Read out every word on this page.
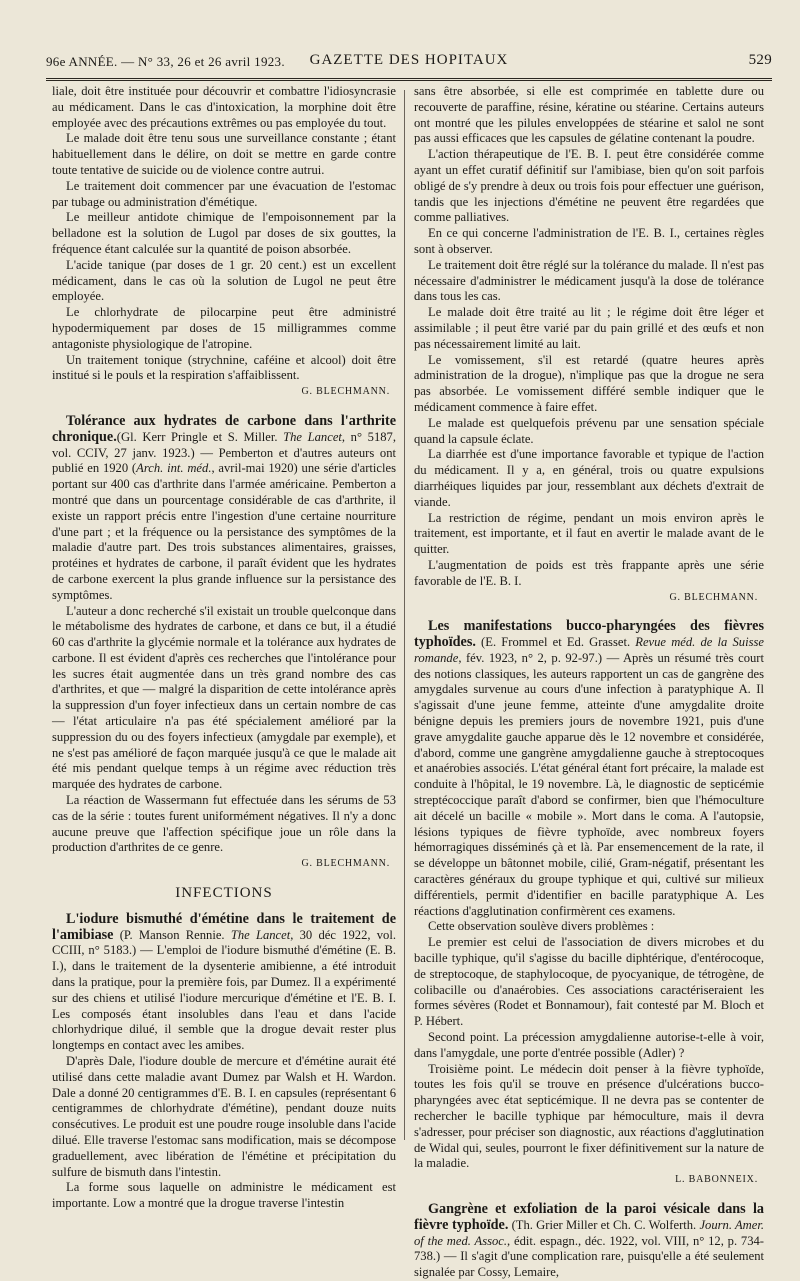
96e ANNÉE. — N° 33, 26 et 26 avril 1923.	GAZETTE DES HOPITAUX	529

liale, doit être instituée pour découvrir et combattre l'idiosyncrasie au médicament. Dans le cas d'intoxication, la morphine doit être employée avec des précautions extrêmes ou pas employée du tout.

Le malade doit être tenu sous une surveillance constante ; étant habituellement dans le délire, on doit se mettre en garde contre toute tentative de suicide ou de violence contre autrui.

Le traitement doit commencer par une évacuation de l'estomac par tubage ou administration d'émétique.

Le meilleur antidote chimique de l'empoisonnement par la belladone est la solution de Lugol par doses de six gouttes, la fréquence étant calculée sur la quantité de poison absorbée.

L'acide tanique (par doses de 1 gr. 20 cent.) est un excellent médicament, dans le cas où la solution de Lugol ne peut être employée.

Le chlorhydrate de pilocarpine peut être administré hypodermiquement par doses de 15 milligrammes comme antagoniste physiologique de l'atropine.

Un traitement tonique (strychnine, caféine et alcool) doit être institué si le pouls et la respiration s'affaiblissent.

G. BLECHMANN.

Tolérance aux hydrates de carbone dans l'arthrite chronique.(Gl. Kerr Pringle et S. Miller. The Lancet, n° 5187, vol. CCIV, 27 janv. 1923.) — Pemberton et d'autres auteurs ont publié en 1920 (Arch. int. méd., avril-mai 1920) une série d'articles portant sur 400 cas d'arthrite dans l'armée américaine. Pemberton a montré que dans un pourcentage considérable de cas d'arthrite, il existe un rapport précis entre l'ingestion d'une certaine nourriture d'une part ; et la fréquence ou la persistance des symptômes de la maladie d'autre part. Des trois substances alimentaires, graisses, protéines et hydrates de carbone, il paraît évident que les hydrates de carbone exercent la plus grande influence sur la persistance des symptômes.

L'auteur a donc recherché s'il existait un trouble quelconque dans le métabolisme des hydrates de carbone, et dans ce but, il a étudié 60 cas d'arthrite la glycémie normale et la tolérance aux hydrates de carbone. Il est évident d'après ces recherches que l'intolérance pour les sucres était augmentée dans un très grand nombre des cas d'arthrites, et que — malgré la disparition de cette intolérance après la suppression d'un foyer infectieux dans un certain nombre de cas — l'état articulaire n'a pas été spécialement amélioré par la suppression du ou des foyers infectieux (amygdale par exemple), et ne s'est pas amélioré de façon marquée jusqu'à ce que le malade ait été mis pendant quelque temps à un régime avec réduction très marquée des hydrates de carbone.

La réaction de Wassermann fut effectuée dans les sérums de 53 cas de la série : toutes furent uniformément négatives. Il n'y a donc aucune preuve que l'affection spécifique joue un rôle dans la production d'arthrites de ce genre.

G. BLECHMANN.
INFECTIONS

L'iodure bismuthé d'émétine dans le traitement de l'amibiase (P. Manson Rennie. The Lancet, 30 déc 1922, vol. CCIII, n° 5183.) — L'emploi de l'iodure bismuthé d'émétine (E. B. I.), dans le traitement de la dysenterie amibienne, a été introduit dans la pratique, pour la première fois, par Dumez. Il a expérimenté sur des chiens et utilisé l'iodure mercurique d'émétine et l'E. B. I. Les composés étant insolubles dans l'eau et dans l'acide chlorhydrique dilué, il semble que la drogue devait rester plus longtemps en contact avec les amibes.

D'après Dale, l'iodure double de mercure et d'émétine aurait été utilisé dans cette maladie avant Dumez par Walsh et H. Wardon. Dale a donné 20 centigrammes d'E. B. I. en capsules (représentant 6 centigrammes de chlorhydrate d'émétine), pendant douze nuits consécutives. Le produit est une poudre rouge insoluble dans l'acide dilué. Elle traverse l'estomac sans modification, mais se décompose graduellement, avec libération de l'émétine et précipitation du sulfure de bismuth dans l'intestin.

La forme sous laquelle on administre le médicament est importante. Low a montré que la drogue traverse l'intestin

sans être absorbée, si elle est comprimée en tablette dure ou recouverte de paraffine, résine, kératine ou stéarine. Certains auteurs ont montré que les pilules enveloppées de stéarine et salol ne sont pas aussi efficaces que les capsules de gélatine contenant la poudre.

L'action thérapeutique de l'E. B. I. peut être considérée comme ayant un effet curatif définitif sur l'amibiase, bien qu'on soit parfois obligé de s'y prendre à deux ou trois fois pour effectuer une guérison, tandis que les injections d'émétine ne peuvent être regardées que comme palliatives.

En ce qui concerne l'administration de l'E. B. I., certaines règles sont à observer.

Le traitement doit être réglé sur la tolérance du malade. Il n'est pas nécessaire d'administrer le médicament jusqu'à la dose de tolérance dans tous les cas.

Le malade doit être traité au lit ; le régime doit être léger et assimilable ; il peut être varié par du pain grillé et des œufs et non pas nécessairement limité au lait.

Le vomissement, s'il est retardé (quatre heures après administration de la drogue), n'implique pas que la drogue ne sera pas absorbée. Le vomissement différé semble indiquer que le médicament commence à faire effet.

Le malade est quelquefois prévenu par une sensation spéciale quand la capsule éclate.

La diarrhée est d'une importance favorable et typique de l'action du médicament. Il y a, en général, trois ou quatre expulsions diarrhéiques liquides par jour, ressemblant aux déchets d'extrait de viande.

La restriction de régime, pendant un mois environ après le traitement, est importante, et il faut en avertir le malade avant de le quitter.

L'augmentation de poids est très frappante après une série favorable de l'E. B. I.

G. BLECHMANN.

Les manifestations bucco-pharyngées des fièvres typhoïdes. (E. Frommel et Ed. Grasset. Revue méd. de la Suisse romande, fév. 1923, n° 2, p. 92-97.) — Après un résumé très court des notions classiques, les auteurs rapportent un cas de gangrène des amygdales survenue au cours d'une infection à paratyphique A. Il s'agissait d'une jeune femme, atteinte d'une amygdalite droite bénigne depuis les premiers jours de novembre 1921, puis d'une grave amygdalite gauche apparue dès le 12 novembre et considérée, d'abord, comme une gangrène amygdalienne gauche à streptocoques et anaérobies associés. L'état général étant fort précaire, la malade est conduite à l'hôpital, le 19 novembre. Là, le diagnostic de septicémie streptécoccique paraît d'abord se confirmer, bien que l'hémoculture ait décelé un bacille « mobile ». Mort dans le coma. A l'autopsie, lésions typiques de fièvre typhoïde, avec nombreux foyers hémorragiques disséminés çà et là. Par ensemencement de la rate, il se développe un bâtonnet mobile, cilié, Gram-négatif, présentant les caractères généraux du groupe typhique et qui, cultivé sur milieux différentiels, permit d'identifier en bacille paratyphique A. Les réactions d'agglutination confirmèrent ces examens.

Cette observation soulève divers problèmes :

Le premier est celui de l'association de divers microbes et du bacille typhique, qu'il s'agisse du bacille diphtérique, d'entérocoque, de streptocoque, de staphylocoque, de pyocyanique, de tétrogène, de colibacille ou d'anaérobies. Ces associations caractériseraient les formes sévères (Rodet et Bonnamour), fait contesté par M. Bloch et P. Hébert.

Second point. La précession amygdalienne autorise-t-elle à voir, dans l'amygdale, une porte d'entrée possible (Adler) ?

Troisième point. Le médecin doit penser à la fièvre typhoïde, toutes les fois qu'il se trouve en présence d'ulcérations bucco-pharyngées avec état septicémique. Il ne devra pas se contenter de rechercher le bacille typhique par hémoculture, mais il devra s'adresser, pour préciser son diagnostic, aux réactions d'agglutination de Widal qui, seules, pourront le fixer définitivement sur la nature de la maladie.

L. BABONNEIX.

Gangrène et exfoliation de la paroi vésicale dans la fièvre typhoïde. (Th. Grier Miller et Ch. C. Wolferth. Journ. Amer. of the med. Assoc., édit. espagn., déc. 1922, vol. VIII, n° 12, p. 734-738.) — Il s'agit d'une complication rare, puisqu'elle a été seulement signalée par Cossy, Lemaire,
